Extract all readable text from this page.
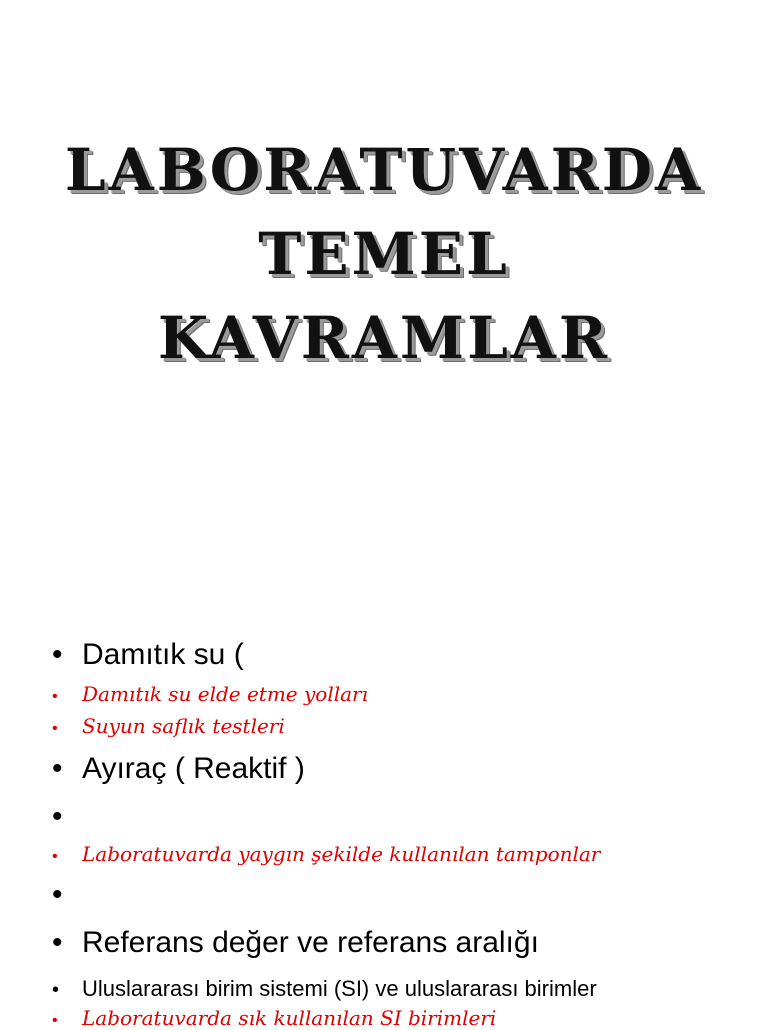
LABORATUVARDA
TEMEL
KAVRAMLAR
• Damıtık su (
•	Damıtık su elde etme yolları
•	Suyun saflık testleri
• Ayıraç ( Reaktif )
•
•	Laboratuvarda yaygın şekilde kullanılan tamponlar
•
• Referans değer ve referans aralığı
•	Uluslararası birim sistemi (SI) ve uluslararası birimler
•	Laboratuvarda sık kullanılan SI birimleri
